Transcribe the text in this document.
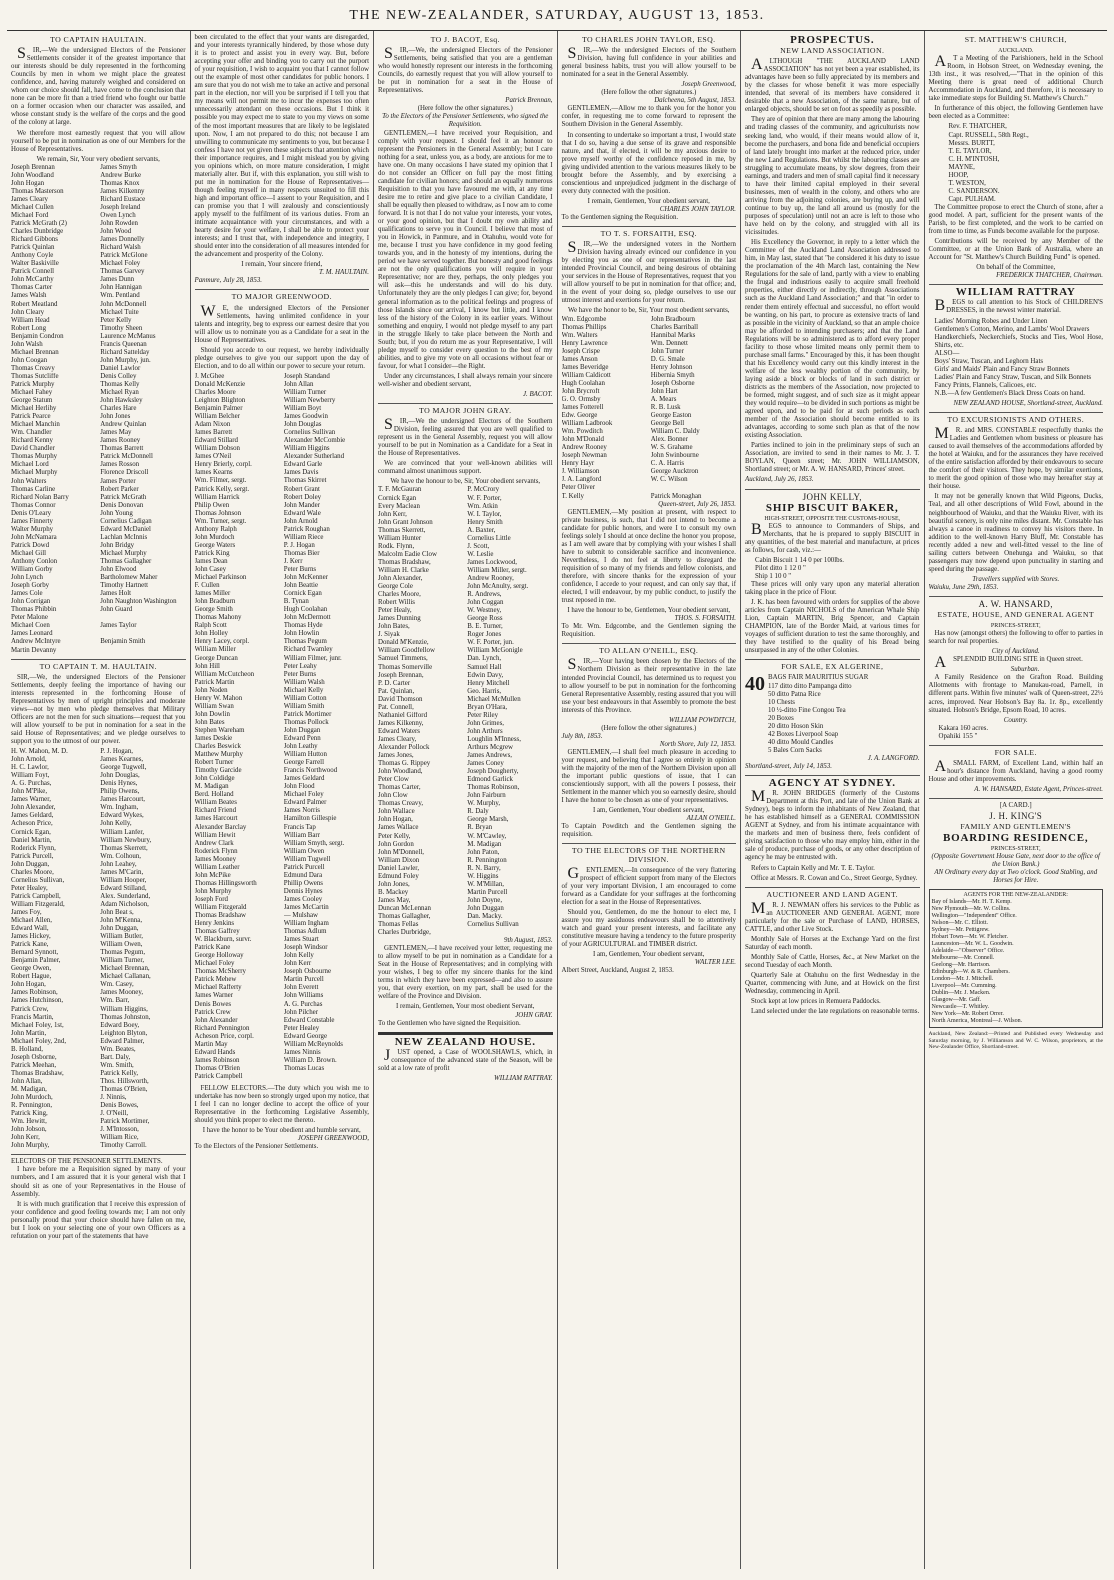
THE NEW-ZEALANDER, SATURDAY, AUGUST 13, 1853.
TO CAPTAIN HAULTAIN.

SIR,—We the undersigned Electors of the Pensioner Settlements consider it of the greatest importance that our interests should be duly represented in the forthcoming Councils by men in whom we might place the greatest confidence, and, having maturely weighed and considered on whom our choice should fall, have come to the conclusion that none can be more fit than a tried friend who fought our battle on a former occasion when our character was assailed, and whose constant study is the welfare of the corps and the good of the colony at large.

We therefore most earnestly request that you will allow yourself to be put in nomination as one of our Members for the House of Representatives.

We remain, Sir, Your very obedient servants,
Joseph Brennan
John Woodland
John Hogan
Thomas Masterson
James Cleary
Michael Cullen
Michael Ford
Patrick McGrath (2)
Charles Dunbridge
Richard Gibbons
Patrick Quinlan
Anthony Coyle
Walter Baskiville
Patrick Connell
John McCarthy
Thomas Carter
James Walsh
Robert Meatland
John Cleary
William Head
Robert Long
Benjamin Condron
John Walsh
Michael Brennan
John Coogan
Thomas Creavy
Thomas Sutcliffe
Patrick Murphy
Michael Fahey
George Statum
Michael Herlihy
Patrick Pearce
Michael Manchin
Wm. Chandler
Richard Kenny
David Chandler
Thomas Murphy
Michael Lord
Michael Murphy
John Walters
Thomas Carline
Richard Nolan Barry
Thomas Connor
Denis O'Leary
James Finnerty
Walter Murphy
John McNamara
Patrick Dowd
Michael Gill
Anthony Conlon
William Gorby
John Lynch
Joseph Gorby
James Cole
John Corrigan
Thomas Phibbin
Peter Malone
Michael Coen
James Leonard
Andrew McIntyre
Martin Devanny
James Smyth
Andrew Burke
Thomas Knox
James Kilkenny
Richard Eustace
Joseph Ireland
Owen Lynch
John Rowden
John Wood
James Donnelly
Richard Walsh
Patrick McGlone
Michael Foley
Thomas Garvey
James Dunn
John Hannigan
Wm. Pentland
John McDonnell
Michael Tuite
Peter Kelly
Timothy Sheen
Laurence McManus
Francis Queenan
Richard Sattelday
John Murphy, jun.
Daniel Lawlor
Denis Colley
Thomas Kelly
Michael Ryan
John Hawksley
Charles Hare
John Jones
Andrew Quinlan
James May
James Rooney
Thomas Barrett
Patrick McDonnell
James Rosson
Florence Driscoll
James Porter
Robert Parker
Patrick McGrath
Denis Donovan
John Young
Cornelius Cadigan
Edward McDaniel
Lachlan McInnis
John Bridgy
Michael Murphy
Thomas Gallagher
John Elwood
Bartholomew Maher
Timothy Hartnett
James Holt
John Naughton Washington
John Guard

James Taylor

Benjamin Smith

TO CAPTAIN T. M. HAULTAIN.

SIR,—We, the undersigned Electors of the Pensioner Settlements, deeply feeling the importance of having our interests represented in the forthcoming House of Representatives by men of upright principles and moderate views—not by men who pledge themselves that Military Officers are not the men for such situations—request that you will allow yourself to be put in nomination for a seat in the said House of Representatives; and we pledge ourselves to support you to the utmost of our power.

H. W. Mahon, M. D.
John Arnold,
H. C. Lawlor,
William Foyt,
A. G. Purchas,
John M'Pike,
James Warner,
John Alexander,
James Geldard,
Acheson Price,
Cornick Egan,
Daniel Martin,
Roderick Flynn,
Patrick Purcell,
John Duggan,
Charles Moore,
Cornelius Sullivan,
Peter Healey,
Patrick Campbell,
William Fitzgerald,
James Foy,
Michael Allen,
Edward Wall,
James Hickey,
Patrick Kane,
Bernard Synnott,
Benjamin Palmer,
George Owen,
Robert Hague,
John Hogan,
James Robinson,
James Hutchinson,
Patrick Crew,
Francis Martin,
Michael Foley, 1st,
John Martin,
Michael Foley, 2nd,
B. Holland,
Joseph Osborne,
Patrick Meehan,
Thomas Bradshaw,
John Allan,
M. Madigan,
John Murdoch,
R. Pennington,
Patrick King,
Wm. Hewitt,
John Jobson,
John Kerr,
John Murphy,
P. J. Hogan,
James Kearnes,
George Tugwell,
John Douglas,
Denis Hynes,
Philip Owens,
James Harcourt,
Wm. Ingham,
Edward Wykes,
John Kelly,
William Lanfer,
William Newbury,
Thomas Skerrett,
Wm. Colhoun,
John Leahey,
James M'Carin,
William Hooper,
Edward Stilland,
Alex. Sunderland,
Adam Nicholson,
John Beat s,
John M'Kenna,
John Duggan,
William Butler,
William Owen,
Thomas Pegum,
William Turner,
Michael Brennan,
Michael Callanan,
Wm. Casey,
James Mooney,
Wm. Barr,
William Higgins,
Thomas Johnston,
Edward Boey,
Leighton Blyton,
Edward Palmer,
Wm. Beates,
Bart. Daly,
Wm. Smith,
Patrick Kelly,
Thos. Hillsworth,
Thomas O'Brien,
J. Ninnis,
Denis Bowes,
J. O'Neill,
Patrick Mortimer,
J. M'Intosson,
William Rice,
Timothy Carroll.
ELECTORS OF THE PENSIONER SETTLEMENTS.

I have before me a Requisition signed by many of your numbers, and I am assured that it is your general wish that I should sit as one of your Representatives in the House of Assembly.

It is with much gratification that I receive this expression of your confidence and good feeling towards me; I am not only personally proud that your choice should have fallen on me, but I look on your selecting one of your own Officers as a refutation on your part of the statements that have

been circulated to the effect that your wants are disregarded, and your interests tyrannically hindered, by those whose duty it is to protect and assist you in every way. But, before accepting your offer and binding you to carry out the purport of your requisition, I wish to acquaint you that I cannot follow out the example of most other candidates for public honors. I am sure that you do not wish me to take an active and personal part in the election, nor will you be surprised if I tell you that my means will not permit me to incur the expenses too often unnecessarily attendant on these occasions. But I think it possible you may expect me to state to you my views on some of the most important measures that are likely to be legislated upon. Now, I am not prepared to do this; not because I am unwilling to communicate my sentiments to you, but because I confess I have not yet given these subjects that attention which their importance requires, and I might mislead you by giving you opinions which, on more mature consideration, I might materially alter. But if, with this explanation, you still wish to put me in nomination for the House of Representatives—though feeling myself in many respects unsuited to fill this high and important office—I assent to your Requisition, and I can promise you that I will zealously and conscientiously apply myself to the fulfilment of its various duties. From an intimate acquaintance with your circumstances, and with a hearty desire for your welfare, I shall be able to protect your interests; and I trust that, with independence and integrity, I should enter into the consideration of all measures intended for the advancement and prosperity of the Colony.

I remain, Your sincere friend,
T. M. HAULTAIN.
Panmure, July 28, 1853.
TO MAJOR GREENWOOD.

WE, the undersigned Electors of the Pensioner Settlements, having unlimited confidence in your talents and integrity, beg to express our earnest desire that you will allow us to nominate you as a Candidate for a seat in the House of Representatives.

Should you accede to our request, we hereby individually pledge ourselves to give you our support upon the day of Election, and to do all within our power to secure your return.

J. McGhee
Donald McKenzie
Charles Moore
Leighton Blighton
Benjamin Palmer
William Belcher
Adam Nixon
James Barrett
Edward Stillard
William Dobson
James O'Neil
Henry Brierly, corpl.
James Kearns
Wm. Filmer, sergt.
Patrick Kelly, sergt.
William Harrick
Philip Owen
Thomas Johnson
Wm. Turner, sergt.
Anthony Ralph
John Murdoch
George Waters
Patrick King
James Dean
John Casey
Michael Parkinson
F. Cullen
James Miller
John Bradburn
George Smith
Thomas Mahony
Ralph Scott
John Holley
Henry Lacey, corpl.
William Miller
George Duncan
John Hill
William McCutcheon
Patrick Martin
John Noden
Henry W. Mahon
William Swan
John Dowlin
John Bates
Stephen Wareham
James Deskie
Charles Beswick
Matthew Murphy
Robert Turner
Timothy Garcide
John Coldidge
M. Madigan
Berd. Holland
William Beates
Richard Friend
James Harcourt
Alexander Barclay
William Hewit
Andrew Clark
Roderick Flynn
James Mooney
William Leather
John McPike
Thomas Hillingsworth
John Murphy
Joseph Ford
William Fitzgerald
Thomas Bradshaw
Henry Jenkins
Thomas Gaffrey
W. Blackburn, survr.
Patrick Kane
George Holloway
Michael Foley
Thomas McSherry
Patrick Mehew
Michael Rafferty
James Warner
Denis Bowes
Patrick Crew
John Alexander
Richard Pennington
Acheson Price, corpl.
Martin May
Edward Hands
James Robinson
Thomas O'Brien
Patrick Campbell
Joseph Standand
John Allan
William Turner
William Newberry
William Boyt
James Goodwin
John Douglas
Cornelius Sullivan
Alexander McCombie
William Higgins
Alexander Sutherland
Edward Garle
James Davis
Thomas Skirret
Robert Grant
Robert Doley
John Mander
Edward Wale
John Arnold
Patrick Roughan
William Riece
P. J. Hogan
Thomas Bier
J. Kerr
Peter Burns
John McKenner
John Beattie
Cornick Egan
B. Tynan
Hugh Coolahan
John McDermott
Thomas Hyde
John Howlin
Thomas Pegum
Richard Twamley
William Filmer, junr.
Peter Leahy
Peter Burns
William Walsh
Michael Kelly
William Cotton
William Smith
Patrick Mortimer
Thomas Pollock
John Duggan
Edward Penn
John Leathy
William Hutton
George Farrell
Francis Northwood
James Geldard
John Flood
Michael Foley
Edward Palmer
James Norris
Hamilton Gillespie
Francis Tap
William Barr
William Smyth, sergt.
William Owen
William Tugwell
Patrick Purcell
Edmund Dara
Phillip Owens
Dennis Hynes
James Cooley
James McCartin
— Mulshaw
William Ingham
Thomas Adlum
James Stuart
Joseph Windsor
John Kelly
John Kerr
Joseph Osbourne
Martin Purcell
John Everett
John Williams
A. G. Purchas
John Pilcher
Edward Constable
Peter Healey
Edward George
William McReynolds
James Ninnis
William D. Brown.
Thomas Lucas

FELLOW ELECTORS.—The duty which you wish me to undertake has now been so strongly urged upon my notice, that I feel I can no longer decline to accept the office of your Representative in the forthcoming Legislative Assembly, should you think proper to elect me thereto.

I have the honor to be Your obedient and humble servant,
JOSEPH GREENWOOD,
To the Electors of the Pensioner Settlements.
TO J. BACOT, Esq.

SIR,—We, the undersigned Electors of the Pensioner Settlements, being satisfied that you are a gentleman who would honestly represent our interests in the forthcoming Councils, do earnestly request that you will allow yourself to be put in nomination for a seat in the House of Representatives.

Patrick Brennan,
(Here follow the other signatures.)
To the Electors of the Pensioner Settlements, who signed the Requisition.

GENTLEMEN,—I have received your Requisition, and comply with your request. I should feel it an honour to represent the Pensioners in the General Assembly; but I care nothing for a seat, unless you, as a body, are anxious for me to have one. On many occasions I have stated my opinion that I do not consider an Officer on full pay the most fitting candidate for civilian honors; and should an equally numerous Requisition to that you have favoured me with, at any time desire me to retire and give place to a civilian Candidate, I shall be equally then pleased to withdraw, as I now am to come forward. It is not that I do not value your interests, your votes, or your good opinion, but that I doubt my own ability and qualifications to serve you in Council. I believe that most of you in Howick, in Panmure, and in Otahuhu, would vote for me, because I trust you have confidence in my good feeling towards you, and in the honesty of my intentions, during the period we have served together. But honesty and good feelings are not the only qualifications you will require in your Representative; nor are they, perhaps, the only pledges you will ask—this he understands and will do his duty. Unfortunately they are the only pledges I can give; for, beyond general information as to the political feelings and progress of those Islands since our arrival, I know but little, and I know less of the history of the Colony in its earlier years. Without something and enquiry, I would not pledge myself to any part in the struggle likely to take place between the North and South; but, if you do return me as your Representative, I will pledge myself to consider every question to the best of my abilities, and to give my vote on all occasions without fear or favour, for what I consider—the Right.

Under any circumstances, I shall always remain your sincere well-wisher and obedient servant,

J. BACOT.
TO MAJOR JOHN GRAY.

SIR,—We the undersigned Electors of the Southern Division, feeling assured that you are well qualified to represent us in the General Assembly, request you will allow yourself to be put in Nomination as a Candidate for a Seat in the House of Representatives.

We are convinced that your well-known abilities will command almost unanimous support.

We have the honour to be, Sir, Your obedient servants,
T. F. McGauran
Cornick Egan
Every Maclean
John Kerr,
John Grant Johnson
Thomas Skerrett,
William Hunter
Rodk. Flynn,
Malcolm Eadie Clow
Thomas Bradshaw,
William H. Clarke
John Alexander,
George Cole
Charles Moore,
Robert Willis
Peter Healy,
James Dunning
John Bates,
J. Siyak
Donald M'Kenzie,
William Goodfellow
Samuel Timmens,
Thomas Somerville
Joseph Brennan,
P. D. Carter
Pat. Quinlan,
David Thomson
Pat. Connell,
Nathaniel Gifford
James Kilkenny,
Edward Waters
James Cleary,
Alexander Pollock
James Jones,
Thomas G. Rippey
John Woodland,
Peter Clow
Thomas Carter,
John Clow
Thomas Creavy,
John Wallace
John Hogan,
James Wallace
Peter Kelly,
John Gordon
John M'Donnell,
William Dixon
Daniel Lawler,
Edmund Foley
John Jones,
B. Mackey
James May,
Duncan McLennan
Thomas Gallagher,
Thomas Fellas
Charles Durbridge,
P. McCrory
W. F. Porter,
Wm. Atkin
W. I. Taylor,
Henry Smith
A. Baxter,
Cornelius Little
J. Scott,
W. Leslie
James Lockwood,
William Miller, sergt.
Andrew Rooney,
John McAnulty, sergt.
R. Andrews,
John Coggan
W. Westney,
George Ross
B. E. Turner,
Roger Jones
W. F. Porter, jun.
William McGonigle
Dan. Lynch,
Samuel Hall
Edwin Davy,
Henry Mitchell
Geo. Harris,
Michael McMullen
Bryan O'Hara,
Peter Riley
John Grimes,
John Arthurs
Loughlin M'Inness,
Arthurs Mcgrew
James Andrews,
James Coney
Joseph Dougherty,
Edmond Garlick
Thomas Robinson,
John Fairburn
W. Murphy,
R. Daly
George Marsh,
R. Bryan
W. M'Cawley,
M. Madigan
John Paton,
R. Pennington
R. N. Barry,
W. Higgins
W. M'Millan,
Martin Purcell
John Doyne,
John Duggan
Dan. Macky.
Cornelius Sullivan

9th August, 1853.

GENTLEMEN,—I have received your letter, requesting me to allow myself to be put in nomination as a Candidate for a Seat in the House of Representatives; and in complying with your wishes, I beg to offer my sincere thanks for the kind terms in which they have been expressed—and also to assure you, that every exertion, on my part, shall be used for the welfare of the Province and Division.

I remain, Gentlemen, Your most obedient Servant,
JOHN GRAY.
To the Gentlemen who have signed the Requisition.
NEW ZEALAND HOUSE.

JUST opened, a Case of WOOLSHAWLS, which, in consequence of the advanced state of the Season, will be sold at a low rate of profit

WILLIAM RATTRAY.
TO CHARLES JOHN TAYLOR, ESQ.

SIR,—We the undersigned Electors of the Southern Division, having full confidence in your abilities and general business habits, trust you will allow yourself to be nominated for a seat in the General Assembly.

Joseph Greenwood,
(Here follow the other signatures.)
Dalcheena, 5th August, 1853.

GENTLEMEN,—Allow me to thank you for the honor you confer, in requesting me to come forward to represent the Southern Division in the General Assembly.

In consenting to undertake so important a trust, I would state that I do so, having a due sense of its grave and responsible nature, and that, if elected, it will be my anxious desire to prove myself worthy of the confidence reposed in me, by giving undivided attention to the various measures likely to be brought before the Assembly, and by exercising a conscientious and unprejudiced judgment in the discharge of every duty connected with the position.

I remain, Gentlemen, Your obedient servant,
CHARLES JOHN TAYLOR.
To the Gentlemen signing the Requisition.
TO T. S. FORSAITH, ESQ.

SIR,—We the undersigned voters in the Northern Division having already evinced our confidence in you by electing you as one of our representatives in the last intended Provincial Council, and being desirous of obtaining your services in the House of Representatives, request that you will allow yourself to be put in nomination for that office; and, in the event of your doing so, pledge ourselves to use our utmost interest and exertions for your return.

We have the honor to be, Sir, Your most obedient servants,
Wm. Edgcombe
Thomas Phillips
Wm. Walters
Henry Lawrence
Joseph Crispe
James Anson
James Beveridge
William Caldicott
Hugh Coolahan
John Brycroft
G. O. Ormsby
James Fotterell
Edw. George
William Ladbrook
Wm. Powditch
John M'Donald
Andrew Rooney
Joseph Newman
Henry Hayr
J. Williamson
J. A. Langford
Peter Oliver
T. Kelly
John Bradbourn
Charles Barriball
Hannibal Marks
Wm. Dennett
John Turner
D. G. Smale
Henry Johnson
Hibernia Smyth
Joseph Osborne
John Hart
A. Mears
R. B. Lusk
George Easton
George Bell
William C. Daldy
Alex. Bonner
W. S. Grahame
John Swinbourne
C. A. Harris
George Aucktron
W. C. Wilson

Patrick Monaghan
Queen-street, July 26, 1853.

GENTLEMEN,—My position at present, with respect to private business, is such, that I did not intend to become a candidate for public honors, and were I to consult my own feelings solely I should at once decline the honor you propose, as I am well aware that by complying with your wishes I shall have to submit to considerable sacrifice and inconvenience. Nevertheless, I do not feel at liberty to disregard the requisition of so many of my friends and fellow colonists, and therefore, with sincere thanks for the expression of your confidence, I accede to your request, and can only say that, if elected, I will endeavour, by my public conduct, to justify the trust reposed in me.

I have the honour to be, Gentlemen, Your obedient servant,
THOS. S. FORSAITH.
To Mr. Wm. Edgcombe, and the Gentlemen signing the Requisition.
TO ALLAN O'NEILL, ESQ.

SIR,—Your having been chosen by the Electors of the Northern Division as their representative in the late intended Provincial Council, has determined us to request you to allow yourself to be put in nomination for the forthcoming General Representative Assembly, resting assured that you will use your best endeavours in that Assembly to promote the best interests of this Province.

WILLIAM POWDITCH,
(Here follow the other signatures.)
July 8th, 1853.
North Shore, July 12, 1853.

GENTLEMEN,—I shall feel much pleasure in acceding to your request, and believing that I agree so entirely in opinion with the majority of the men of the Northern Division upon all the important public questions of issue, that I can conscientiously support, with all the powers I possess, their Settlement in the manner which you so earnestly desire, should I have the honor to be chosen as one of your representatives.

I am, Gentlemen, Your obedient servant,
ALLAN O'NEILL.
To Captain Powditch and the Gentlemen signing the requisition.
TO THE ELECTORS OF THE NORTHERN DIVISION.

GENTLEMEN,—In consequence of the very flattering prospect of efficient support from many of the Electors of your very important Division, I am encouraged to come forward as a Candidate for your suffrages at the forthcoming election for a seat in the House of Representatives.

Should you, Gentlemen, do me the honour to elect me, I assure you my assiduous endeavours shall be to attentively watch and guard your present interests, and facilitate any constitutive measure having a tendency to the future prosperity of your AGRICULTURAL and TIMBER district.

I am, Gentlemen, Your obedient servant,
WALTER LEE.
Albert Street, Auckland, August 2, 1853.
PROSPECTUS.
NEW LAND ASSOCIATION.

ALTHOUGH "THE AUCKLAND LAND ASSOCIATION" has not yet been a year established, its advantages have been so fully appreciated by its members and by the classes for whose benefit it was more especially intended, that several of its members have considered it desirable that a new Association, of the same nature, but of enlarged objects, should be set on foot as speedily as possible.

They are of opinion that there are many among the labouring and trading classes of the community, and agriculturists now seeking land, who would, if their means would allow of it, become the purchasers, and bona fide and beneficial occupiers of land lately brought into market at the reduced price, under the new Land Regulations. But whilst the labouring classes are struggling to accumulate means, by slow degrees, from their earnings, and traders and men of small capital find it necessary to have their limited capital employed in their several businesses, men of wealth in the colony, and others who are arriving from the adjoining colonies, are buying up, and will continue to buy up, the land all around us (mostly for the purposes of speculation) until not an acre is left to those who have held on by the colony, and struggled with all its vicissitudes.

His Excellency the Governor, in reply to a letter which the Committee of the Auckland Land Association addressed to him, in May last, stated that "he considered it his duty to issue the proclamation of the 4th March last, containing the New Regulations for the sale of land, partly with a view to enabling the frugal and industrious easily to acquire small freehold properties, either directly or indirectly, through Associations such as the Auckland Land Association;" and that "in order to render them entirely effectual and successful, no effort would be wanting, on his part, to procure as extensive tracts of land as possible in the vicinity of Auckland, so that an ample choice may be afforded to intending purchasers; and that the Land Regulations will be so administered as to afford every proper facility to those whose limited means only permit them to purchase small farms." Encouraged by this, it has been thought that his Excellency would carry out this kindly interest in the welfare of the less wealthy portion of the community, by laying aside a block or blocks of land in such district or districts as the members of the Association, now projected to be formed, might suggest, and of such size as it might appear they would require—to be divided in such portions as might be agreed upon, and to be paid for at such periods as each member of the Association should become entitled to its advantages, according to some such plan as that of the now existing Association.

Parties inclined to join in the preliminary steps of such an Association, are invited to send in their names to Mr. J. T. BOYLAN, Queen street; Mr. JOHN WILLIAMSON, Shortland street; or Mr. A. W. HANSARD, Princes' street.

Auckland, July 26, 1853.
JOHN KELLY,
SHIP BISCUIT BAKER,
HIGH-STREET, OPPOSITE THE CUSTOMS-HOUSE,

BEGS to announce to Commanders of Ships, and Merchants, that he is prepared to supply BISCUIT in any quantities, of the best material and manufacture, at prices as follows, for cash, viz.:—

Cabin Biscuit 1 14 0 per 100lbs.
Pilot ditto 1 12 0 "
Ship 1 10 0 "

These prices will only vary upon any material alteration taking place in the price of Flour.

J. K. has been favoured with orders for supplies of the above articles from Captain NICHOLS of the American Whale Ship Lion, Captain MARTIN, Brig Spencer, and Captain CHAMPION, late of the Border Maid, at various times for voyages of sufficient duration to test the same thoroughly, and they have testified to the quality of his Bread being unsurpassed in any of the other Colonies.

FOR SALE, EX ALGERINE,
40 BAGS FAIR MAURITIUS SUGAR
117 ditto ditto Pampanga ditto
50 ditto Patna Rice
10 Chests
10 ½-ditto Fine Congou Tea
20 Boxes
20 ditto Hoson Skin
42 Boxes Liverpool Soap
40 ditto Mould Candles
5 Bales Corn Sacks
J. A. LANGFORD.
Shortland-street, July 14, 1853.
AGENCY AT SYDNEY.

MR. JOHN BRIDGES (formerly of the Customs Department at this Port, and late of the Union Bank at Sydney), begs to inform the inhabitants of New Zealand, that he has established himself as a GENERAL COMMISSION AGENT at Sydney, and from his intimate acquaintance with the markets and men of business there, feels confident of giving satisfaction to those who may employ him, either in the sale of produce, purchase of goods, or any other description of agency he may be entrusted with.

Refers to Captain Kelly and Mr. T. E. Taylor.

Office at Messrs. R. Cowan and Co., Street George, Sydney.

AUCTIONEER AND LAND AGENT.

MR. J. NEWMAN offers his services to the Public as an AUCTIONEER AND GENERAL AGENT, more particularly for the sale or Purchase of LAND, HORSES, CATTLE, and other Live Stock.

Monthly Sale of Horses at the Exchange Yard on the first Saturday of each month.

Monthly Sale of Cattle, Horses, &c., at New Market on the second Tuesday of each Month.

Quarterly Sale at Otahuhu on the first Wednesday in the Quarter, commencing with June, and at Howick on the first Wednesday, commencing in April.

Stock kept at low prices in Remuera Paddocks.

Land selected under the late regulations on reasonable terms.

ST. MATTHEW'S CHURCH,
AUCKLAND.

AT a Meeting of the Parishioners, held in the School Room, in Hobson Street, on Wednesday evening, the 13th inst., it was resolved,—"That in the opinion of this Meeting there is great need of additional Church Accommodation in Auckland, and therefore, it is necessary to take immediate steps for Building St. Matthew's Church."

In furtherance of this object, the following Gentlemen have been elected as a Committee:

Rev. F. THATCHER,
Capt. RUSSELL, 58th Regt.,
Messrs. BURTT,
T. E. TAYLOR,
C. H. M'INTOSH,
MAYNE,
HOOP,
T. WESTON,
C. SANDERSON.
Capt. PULHAM.

The Committee propose to erect the Church of stone, after a good model. A part, sufficient for the present wants of the Parish, to be first completed, and the work to be carried on from time to time, as Funds become available for the purpose.

Contributions will be received by any Member of the Committee, or at the Union Bank of Australia, where an Account for "St. Matthew's Church Building Fund" is opened.

On behalf of the Committee,
FREDERICK THATCHER, Chairman.
WILLIAM RATTRAY

BEGS to call attention to his Stock of CHILDREN'S DRESSES, in the newest winter material.

Ladies' Morning Robes and Under Linen
Gentlemen's Cotton, Merino, and Lambs' Wool Drawers
Handkerchiefs, Neckerchiefs, Stocks and Ties, Wool Hose, Shirts, etc.
ALSO—
Boys' Straw, Tuscan, and Leghorn Hats
Girls' and Maids' Plain and Fancy Straw Bonnets
Ladies' Plain and Fancy Straw, Tuscan, and Silk Bonnets
Fancy Prints, Flannels, Calicoes, etc.

N.B.—A few Gentlemen's Black Dress Coats on hand.

NEW ZEALAND HOUSE, Shortland-street, Auckland.
TO EXCURSIONISTS AND OTHERS.

MR. and MRS. CONSTABLE respectfully thanks the Ladies and Gentlemen whom business or pleasure has caused to avail themselves of the accommodations afforded by the hotel at Waiuku, and for the assurances they have received of the entire satisfaction afforded by their endeavours to secure the comfort of their visitors. They hope, by similar exertions, to merit the good opinion of those who may hereafter stay at their house.

It may not be generally known that Wild Pigeons, Ducks, Teal, and all other descriptions of Wild Fowl, abound in the neighbourhood of Waiuku, and that the Waiuku River, with its beautiful scenery, is only nine miles distant. Mr. Constable has always a canoe in readiness to convey his visitors there. In addition to the well-known Harry Bluff, Mr. Constable has recently added a new and well-fitted vessel to the line of sailing cutters between Onehunga and Waiuku, so that passengers may now depend upon punctuality in starting and speed during the passage.

Travellers supplied with Stores.
Waiuku, June 29th, 1853.
A. W. HANSARD,
ESTATE, HOUSE, AND GENERAL AGENT
PRINCES-STREET,

Has now (amongst others) the following to offer to parties in search for real properties.

City of Auckland.

ASPLENDID BUILDING SITE in Queen street.

Suburban.

A Family Residence on the Grafton Road. Building Allotments with frontage to Manukau-road, Parnell, in different parts. Within five minutes' walk of Queen-street, 22½ acres, improved. Near Hobson's Bay 8a. 1r. 8p., excellently situated. Hobson's Bridge, Epsom Road, 10 acres.

Country.
Kakara 160 acres.
Opahiki 155 "
FOR SALE.

ASMALL FARM, of Excellent Land, within half an hour's distance from Auckland, having a good roomy House and other improvements.

A. W. HANSARD, Estate Agent, Princes-street.
[A CARD.]
J. H. KING'S
FAMILY AND GENTLEMEN'S
BOARDING RESIDENCE,
PRINCES-STREET,
(Opposite Government House Gate, next door to the office of the Union Bank.)
AN Ordinary every day at Two o'clock. Good Stabling, and Horses for Hire.
AGENTS FOR THE NEW-ZEALANDER:
Bay of Islands—Mr. H. T. Kemp.
New Plymouth—Mr. W. Collins.
Wellington—"Independent" Office.
Nelson—Mr. C. Elliott.
Sydney—Mr. Pettigrew.
Hobart Town—Mr. W. Fletcher.
Launceston—Mr. W. L. Goodwin.
Adelaide—"Observer" Office.
Melbourne—Mr. Connell.
Geelong—Mr. Harrison.
Edinburgh—W. & R. Chambers.
London—Mr. J. Mitchell.
Liverpool—Mr. Cumming.
Dublin—Mr. J. Macken.
Glasgow—Mr. Gaff.
Newcastle—T. Whitley.
New York—Mr. Robert Orrer.
North America, Montreal—J. Wilson.
Auckland, New Zealand:—Printed and Published every Wednesday and Saturday morning, by J. Williamson and W. C. Wilson, proprietors, at the New-Zealander Office, Shortland-street.
